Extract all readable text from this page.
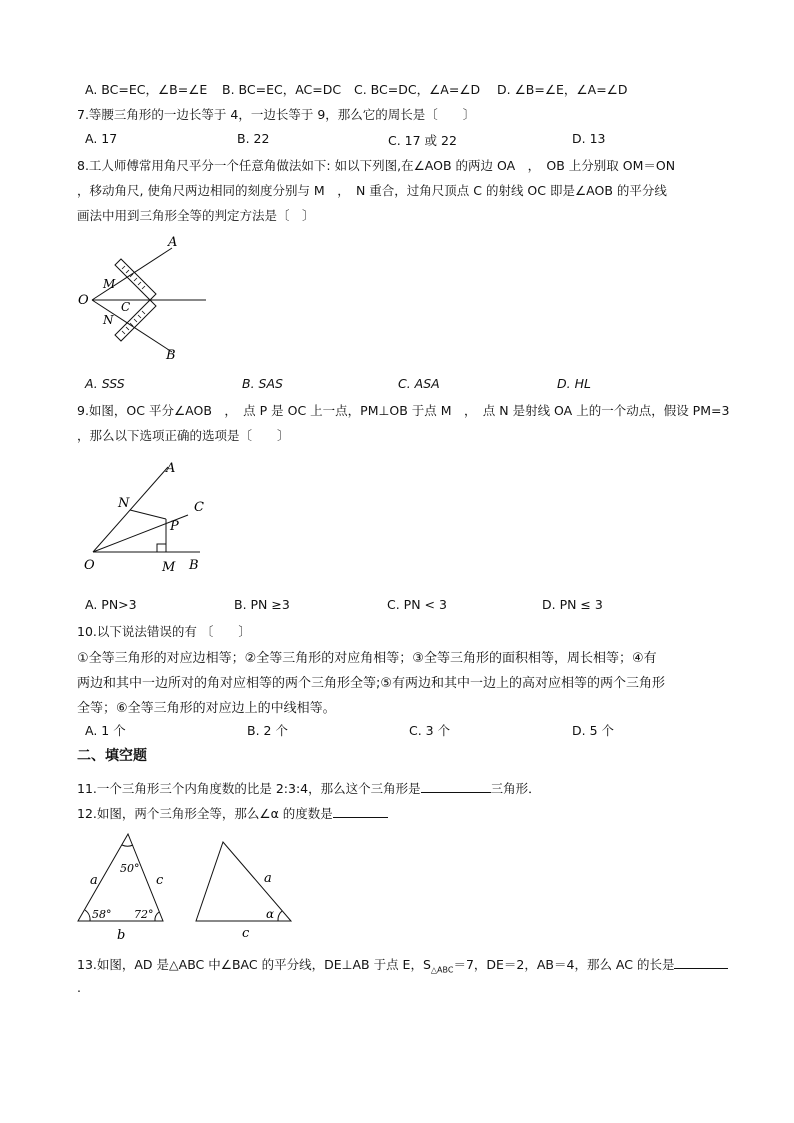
A. BC=EC，∠B=∠E B. BC=EC，AC=DC C. BC=DC，∠A=∠D D. ∠B=∠E，∠A=∠D
7.等腰三角形的一边长等于 4，一边长等于 9，那么它的周长是〔　　〕
A. 17	B. 22	C. 17 或 22	D. 13
8.工人师傅常用角尺平分一个任意角做法如下: 如以下列图,在∠AOB 的两边 OA　，　OB 上分别取 OM＝ON
，移动角尺, 使角尺两边相同的刻度分别与 M　，　N 重合，过角尺顶点 C 的射线 OC 即是∠AOB 的平分线
画法中用到三角形全等的判定方法是〔　〕
A
B
O
M
N
C
A. SSS	B. SAS	C. ASA	D. HL
9.如图，OC 平分∠AOB　，　点 P 是 OC 上一点，PM⊥OB 于点 M　，　点 N 是射线 OA 上的一个动点，假设 PM=3
，那么以下选项正确的选项是〔　　〕
A
N	C
P
O	M B
A. PN>3	B. PN ≥3	C. PN < 3	D. PN ≤ 3
10.以下说法错误的有 〔　　〕
①全等三角形的对应边相等；②全等三角形的对应角相等；③全等三角形的面积相等，周长相等；④有
两边和其中一边所对的角对应相等的两个三角形全等;⑤有两边和其中一边上的高对应相等的两个三角形
全等；⑥全等三角形的对应边上的中线相等。
A. 1 个	B. 2 个	C. 3 个	D. 5 个
二、填空题
11.一个三角形三个内角度数的比是 2:3:4，那么这个三角形是	三角形．
12.如图，两个三角形全等，那么∠α 的度数是
50°
58° 72°
a	c
b
a
c
α
13.如图，AD 是△ABC 中∠BAC 的平分线，DE⊥AB 于点 E，$S_{\triangle ABC}=7$，DE＝2，AB＝4，那么 AC 的长是
.
